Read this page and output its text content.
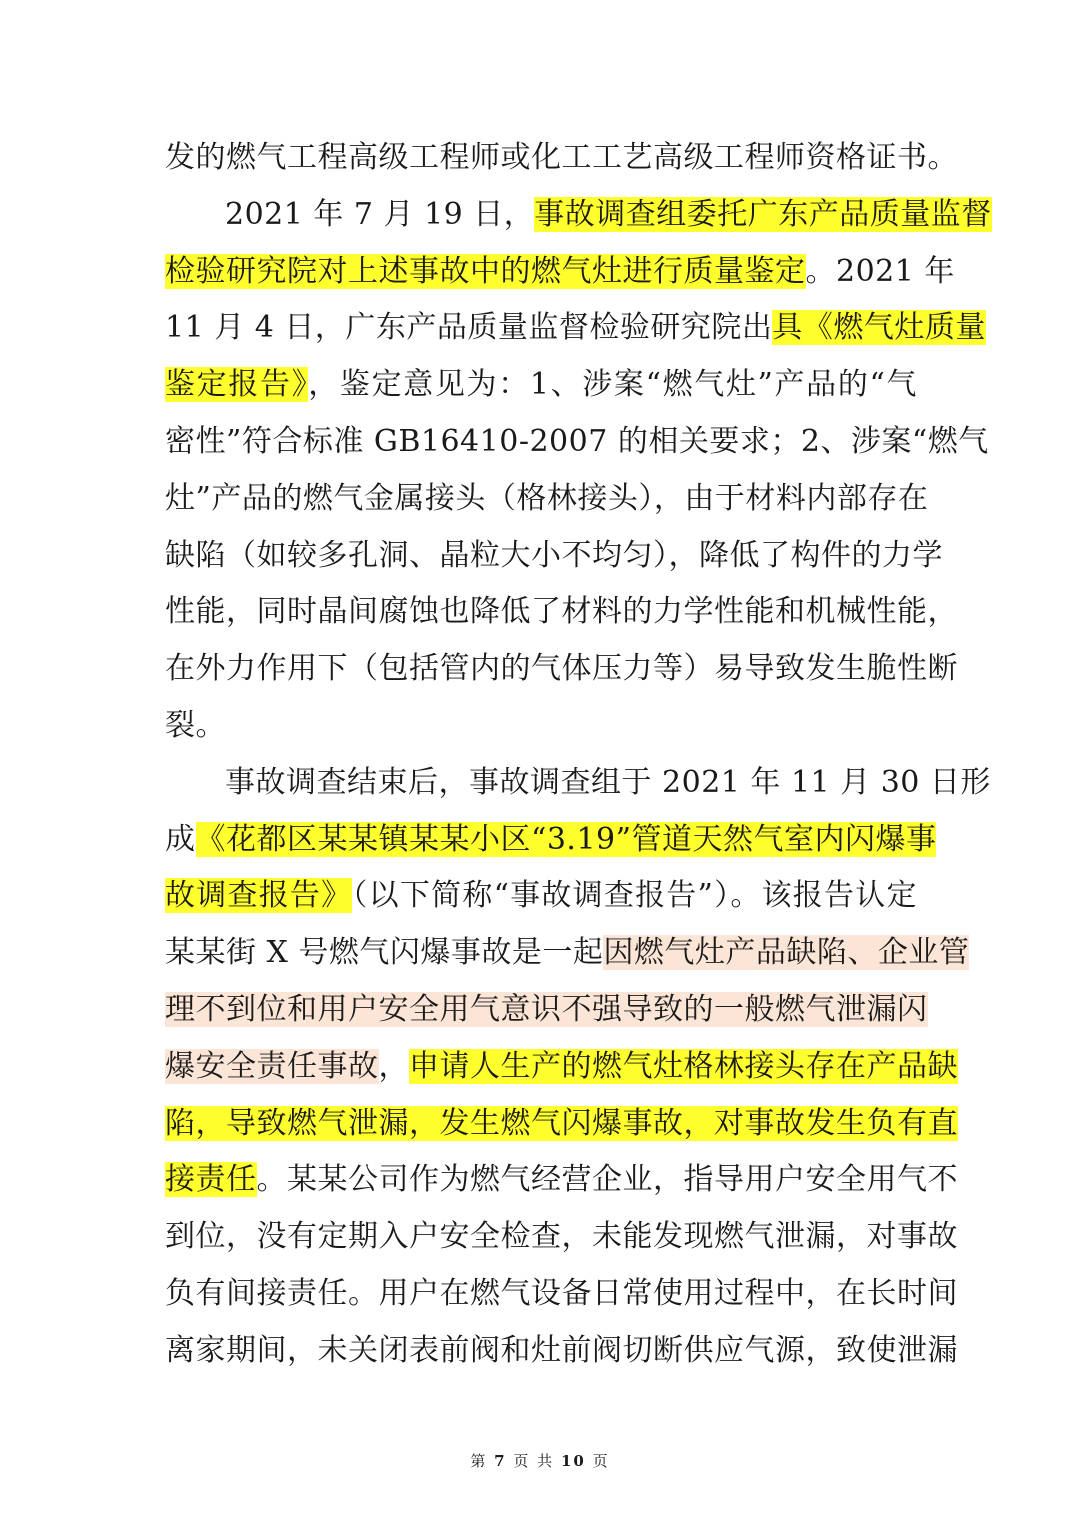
发的燃气工程高级工程师或化工工艺高级工程师资格证书。
2021 年 7 月 19 日，事故调查组委托广东产品质量监督
检验研究院对上述事故中的燃气灶进行质量鉴定。2021 年
11 月 4 日，广东产品质量监督检验研究院出具《燃气灶质量
鉴定报告》，鉴定意见为：1、涉案“燃气灶”产品的“气
密性”符合标准 GB16410-2007 的相关要求；2、涉案“燃气
灶”产品的燃气金属接头（格林接头），由于材料内部存在
缺陷（如较多孔洞、晶粒大小不均匀），降低了构件的力学
性能，同时晶间腐蚀也降低了材料的力学性能和机械性能，
在外力作用下（包括管内的气体压力等）易导致发生脆性断
裂。
事故调查结束后，事故调查组于 2021 年 11 月 30 日形
成《花都区某某镇某某小区“3.19”管道天然气室内闪爆事
故调查报告》（以下简称“事故调查报告”）。该报告认定
某某街 X 号燃气闪爆事故是一起因燃气灶产品缺陷、企业管
理不到位和用户安全用气意识不强导致的一般燃气泄漏闪
爆安全责任事故，申请人生产的燃气灶格林接头存在产品缺
陷，导致燃气泄漏，发生燃气闪爆事故，对事故发生负有直
接责任。某某公司作为燃气经营企业，指导用户安全用气不
到位，没有定期入户安全检查，未能发现燃气泄漏，对事故
负有间接责任。用户在燃气设备日常使用过程中，在长时间
离家期间，未关闭表前阀和灶前阀切断供应气源，致使泄漏
第 7 页 共 10 页
